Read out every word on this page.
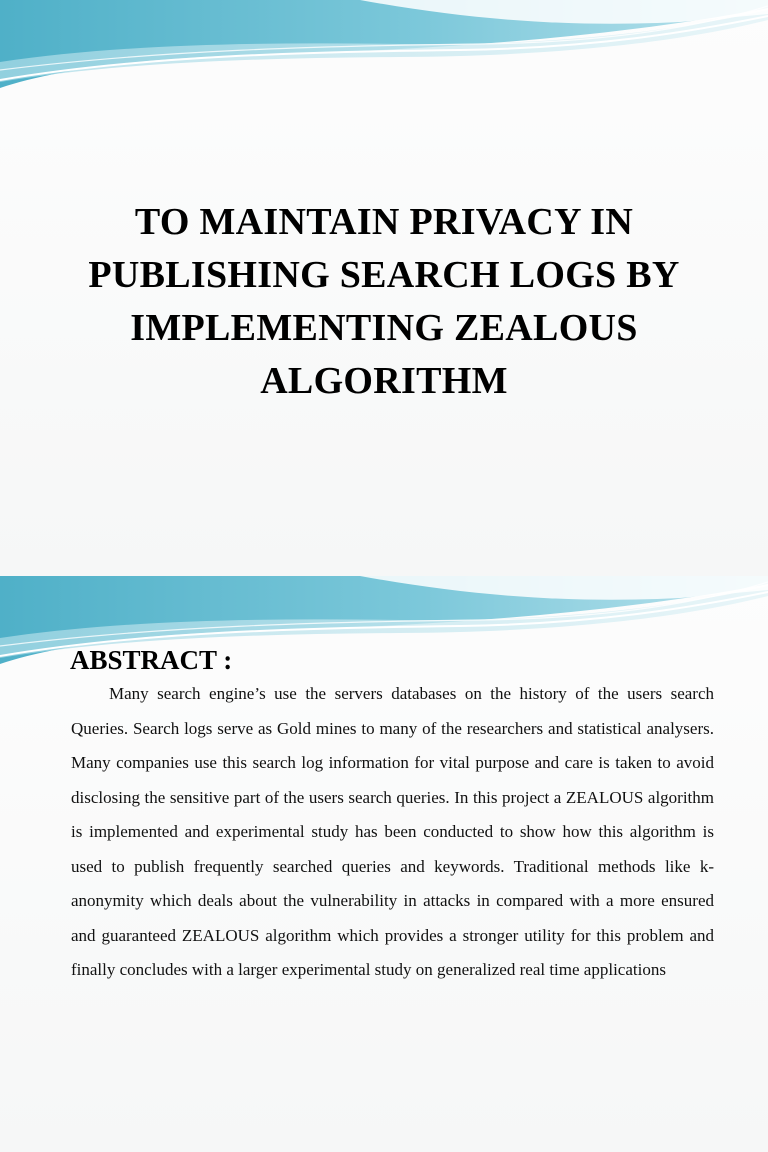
TO MAINTAIN PRIVACY IN PUBLISHING SEARCH LOGS BY IMPLEMENTING ZEALOUS ALGORITHM
ABSTRACT :

Many search engine’s use the servers databases on the history of the users search Queries. Search logs serve as Gold mines to many of the researchers and statistical analysers. Many companies use this search log information for vital purpose and care is taken to avoid disclosing the sensitive part of the users search queries. In this project a ZEALOUS algorithm is implemented and experimental study has been conducted to show how this algorithm is used to publish frequently searched queries and keywords. Traditional methods like k-anonymity which deals about the vulnerability in attacks in compared with a more ensured and guaranteed ZEALOUS algorithm which provides a stronger utility for this problem and finally concludes with a larger experimental study on generalized real time applications
